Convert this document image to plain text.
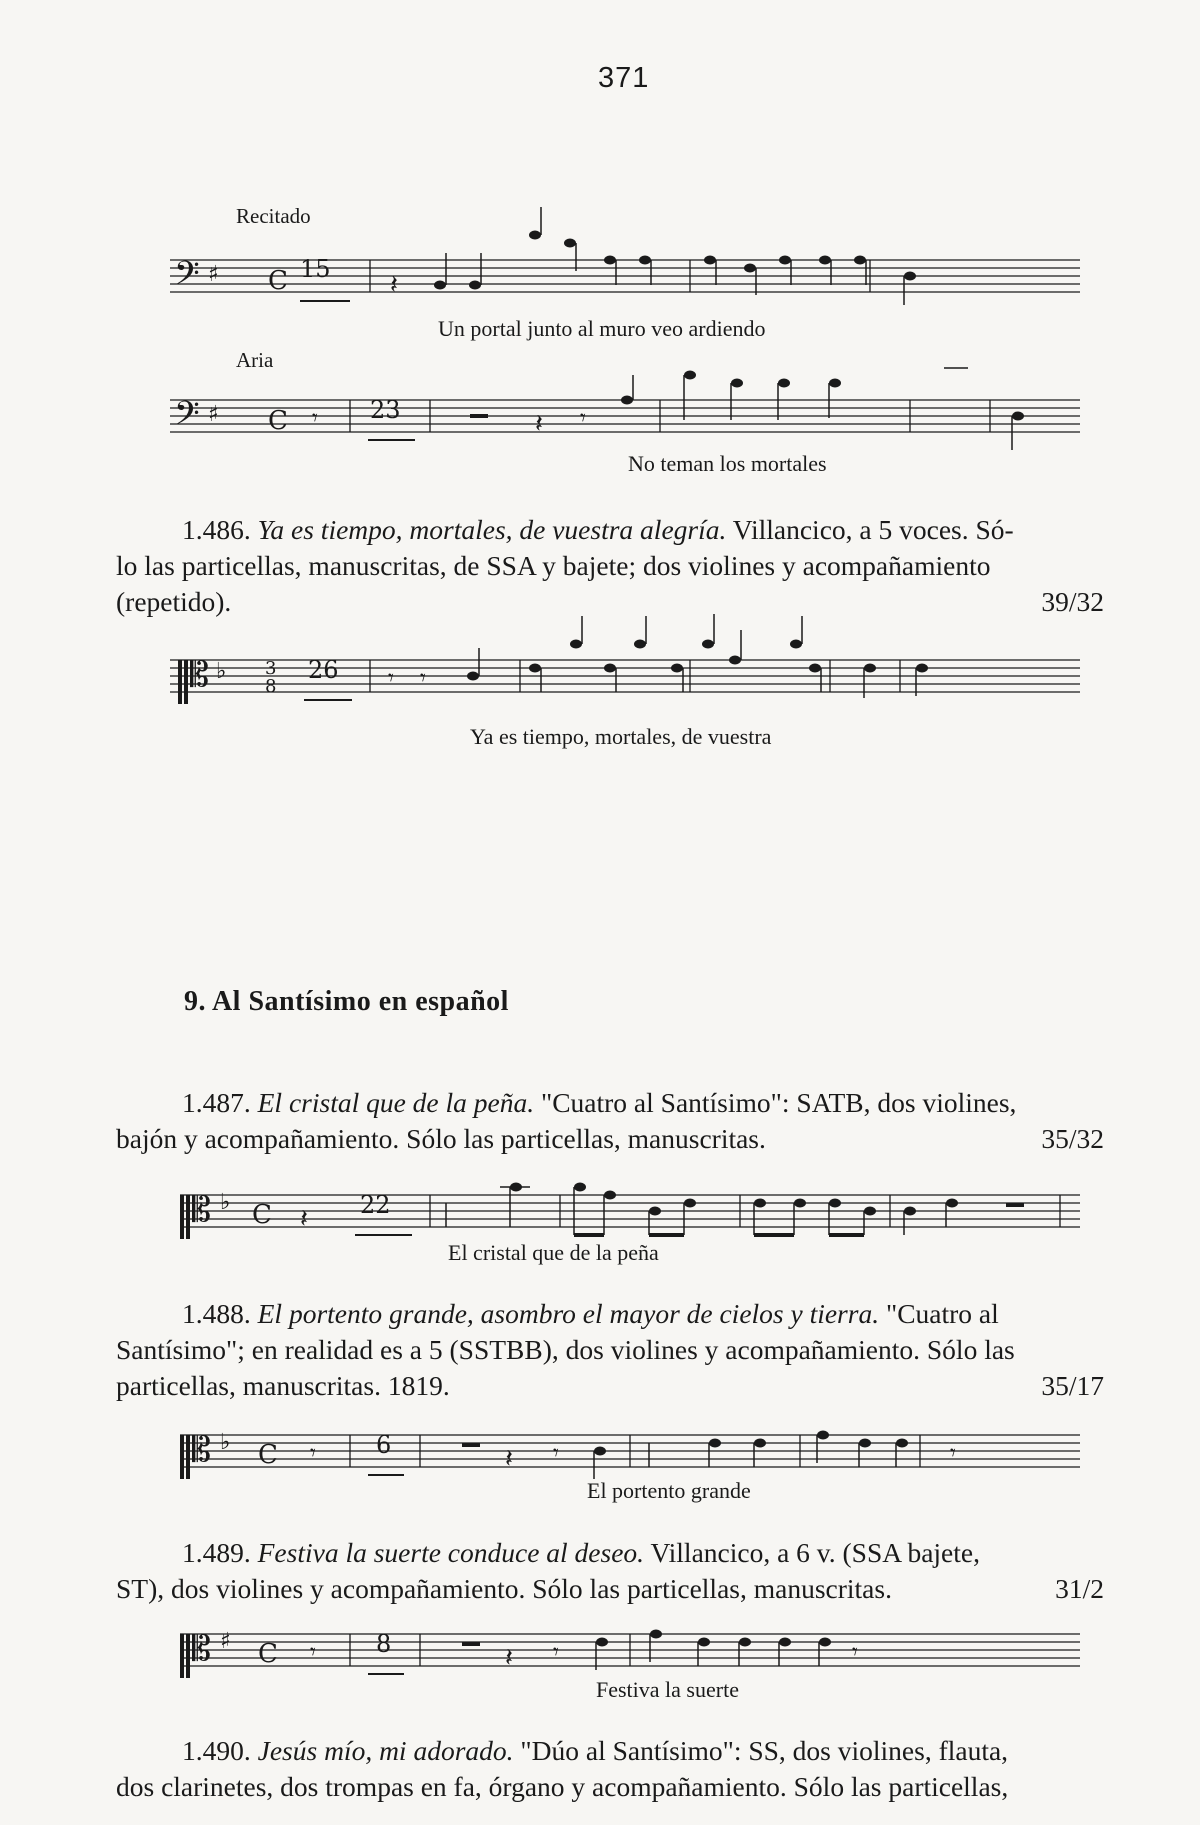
371
Recitado
𝄢 ♯ C 15
𝄽
Un portal junto al muro veo ardiendo
Aria
𝄢 ♯ C 𝄾 23	𝄽 𝄾
No teman los mortales
1.486. Ya es tiempo, mortales, de vuestra alegría. Villancico, a 5 voces. Só-
lo las particellas, manuscritas, de SSA y bajete; dos violines y acompañamiento
(repetido).	39/32
𝄡 ♭ 3
8
26 𝄾 𝄾
Ya es tiempo, mortales, de vuestra
9. Al Santísimo en español
1.487. El cristal que de la peña. "Cuatro al Santísimo": SATB, dos violines,
bajón y acompañamiento. Sólo las particellas, manuscritas.	35/32
𝄡 ♭ C 𝄽 22
El cristal que de la peña
1.488. El portento grande, asombro el mayor de cielos y tierra. "Cuatro al
Santísimo"; en realidad es a 5 (SSTBB), dos violines y acompañamiento. Sólo las
particellas, manuscritas. 1819.	35/17
𝄡 ♭ C 𝄾	6	𝄽 𝄾	𝄾
El portento grande
1.489. Festiva la suerte conduce al deseo. Villancico, a 6 v. (SSA bajete,
ST), dos violines y acompañamiento. Sólo las particellas, manuscritas.	31/2
𝄡 ♯ C 𝄾	8	𝄽 𝄾	𝄾
Festiva la suerte
1.490. Jesús mío, mi adorado. "Dúo al Santísimo": SS, dos violines, flauta,
dos clarinetes, dos trompas en fa, órgano y acompañamiento. Sólo las particellas,
